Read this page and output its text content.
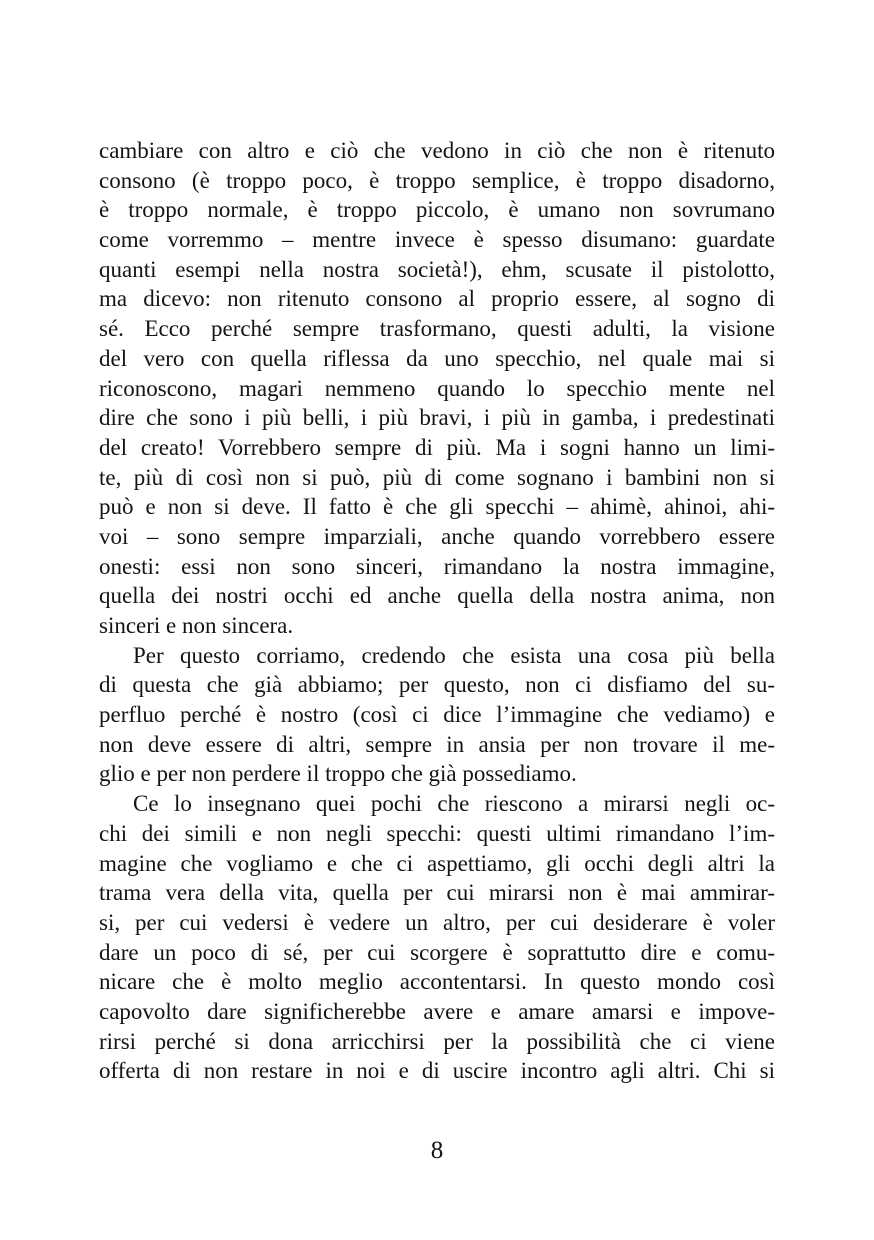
cambiare con altro e ciò che vedono in ciò che non è ritenuto
consono (è troppo poco, è troppo semplice, è troppo disadorno,
è troppo normale, è troppo piccolo, è umano non sovrumano
come vorremmo – mentre invece è spesso disumano: guardate
quanti esempi nella nostra società!), ehm, scusate il pistolotto,
ma dicevo: non ritenuto consono al proprio essere, al sogno di
sé. Ecco perché sempre trasformano, questi adulti, la visione
del vero con quella riflessa da uno specchio, nel quale mai si
riconoscono, magari nemmeno quando lo specchio mente nel
dire che sono i più belli, i più bravi, i più in gamba, i predestinati
del creato! Vorrebbero sempre di più. Ma i sogni hanno un limi-
te, più di così non si può, più di come sognano i bambini non si
può e non si deve. Il fatto è che gli specchi – ahimè, ahinoi, ahi-
voi – sono sempre imparziali, anche quando vorrebbero essere
onesti: essi non sono sinceri, rimandano la nostra immagine,
quella dei nostri occhi ed anche quella della nostra anima, non
sinceri e non sincera.
Per questo corriamo, credendo che esista una cosa più bella
di questa che già abbiamo; per questo, non ci disfiamo del su-
perfluo perché è nostro (così ci dice l’immagine che vediamo) e
non deve essere di altri, sempre in ansia per non trovare il me-
glio e per non perdere il troppo che già possediamo.
Ce lo insegnano quei pochi che riescono a mirarsi negli oc-
chi dei simili e non negli specchi: questi ultimi rimandano l’im-
magine che vogliamo e che ci aspettiamo, gli occhi degli altri la
trama vera della vita, quella per cui mirarsi non è mai ammirar-
si, per cui vedersi è vedere un altro, per cui desiderare è voler
dare un poco di sé, per cui scorgere è soprattutto dire e comu-
nicare che è molto meglio accontentarsi. In questo mondo così
capovolto dare significherebbe avere e amare amarsi e impove-
rirsi perché si dona arricchirsi per la possibilità che ci viene
offerta di non restare in noi e di uscire incontro agli altri. Chi si
8
